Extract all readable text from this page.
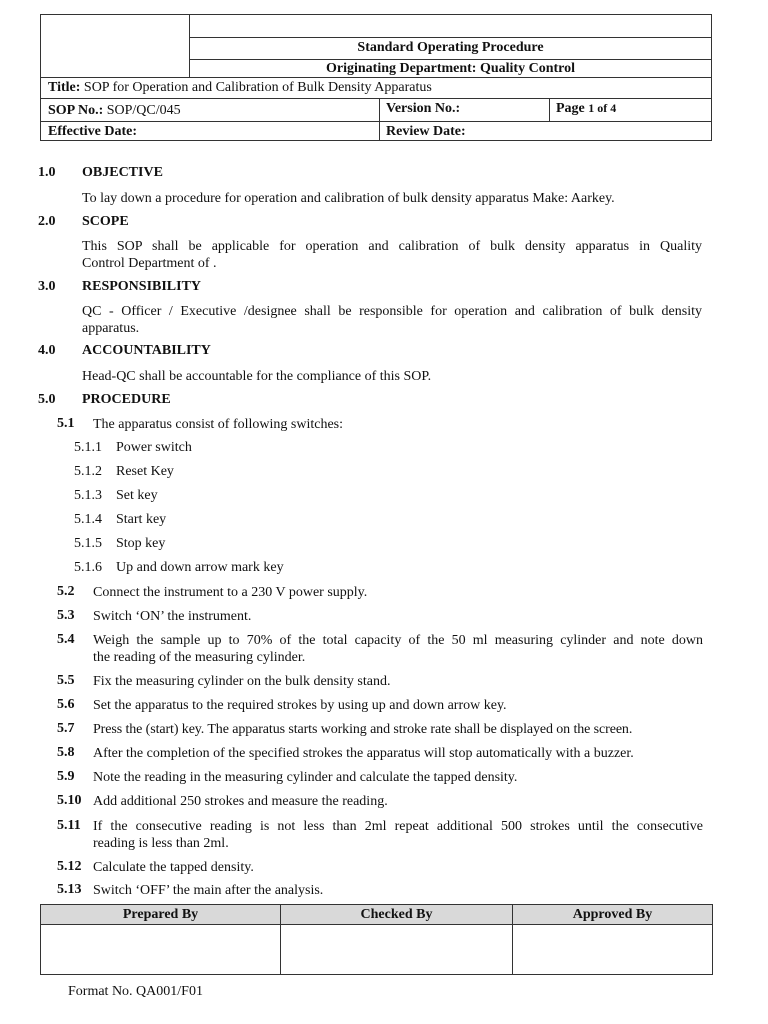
Standard Operating Procedure
Originating Department: Quality Control
Title: SOP for Operation and Calibration of Bulk Density Apparatus
SOP No.: SOP/QC/045	Version No.:	Page 1 of 4
Effective Date:	Review Date:
1.0 OBJECTIVE
To lay down a procedure for operation and calibration of bulk density apparatus Make: Aarkey.
2.0 SCOPE
This SOP shall be applicable for operation and calibration of bulk density apparatus in Quality
Control Department of .
3.0 RESPONSIBILITY
QC - Officer / Executive /designee shall be responsible for operation and calibration of bulk density
apparatus.
4.0 ACCOUNTABILITY
Head-QC shall be accountable for the compliance of this SOP.
5.0 PROCEDURE
5.1 The apparatus consist of following switches:
5.1.1 Power switch
5.1.2 Reset Key
5.1.3 Set key
5.1.4 Start key
5.1.5 Stop key
5.1.6 Up and down arrow mark key
5.2 Connect the instrument to a 230 V power supply.
5.3 Switch ‘ON’ the instrument.
5.4 Weigh the sample up to 70% of the total capacity of the 50 ml measuring cylinder and note down
the reading of the measuring cylinder.
5.5 Fix the measuring cylinder on the bulk density stand.
5.6 Set the apparatus to the required strokes by using up and down arrow key.
5.7 Press the (start) key. The apparatus starts working and stroke rate shall be displayed on the screen.
5.8 After the completion of the specified strokes the apparatus will stop automatically with a buzzer.
5.9 Note the reading in the measuring cylinder and calculate the tapped density.
5.10 Add additional 250 strokes and measure the reading.
5.11 If the consecutive reading is not less than 2ml repeat additional 500 strokes until the consecutive
reading is less than 2ml.
5.12 Calculate the tapped density.
5.13 Switch ‘OFF’ the main after the analysis.
Prepared By	Checked By	Approved By
Format No. QA001/F01
